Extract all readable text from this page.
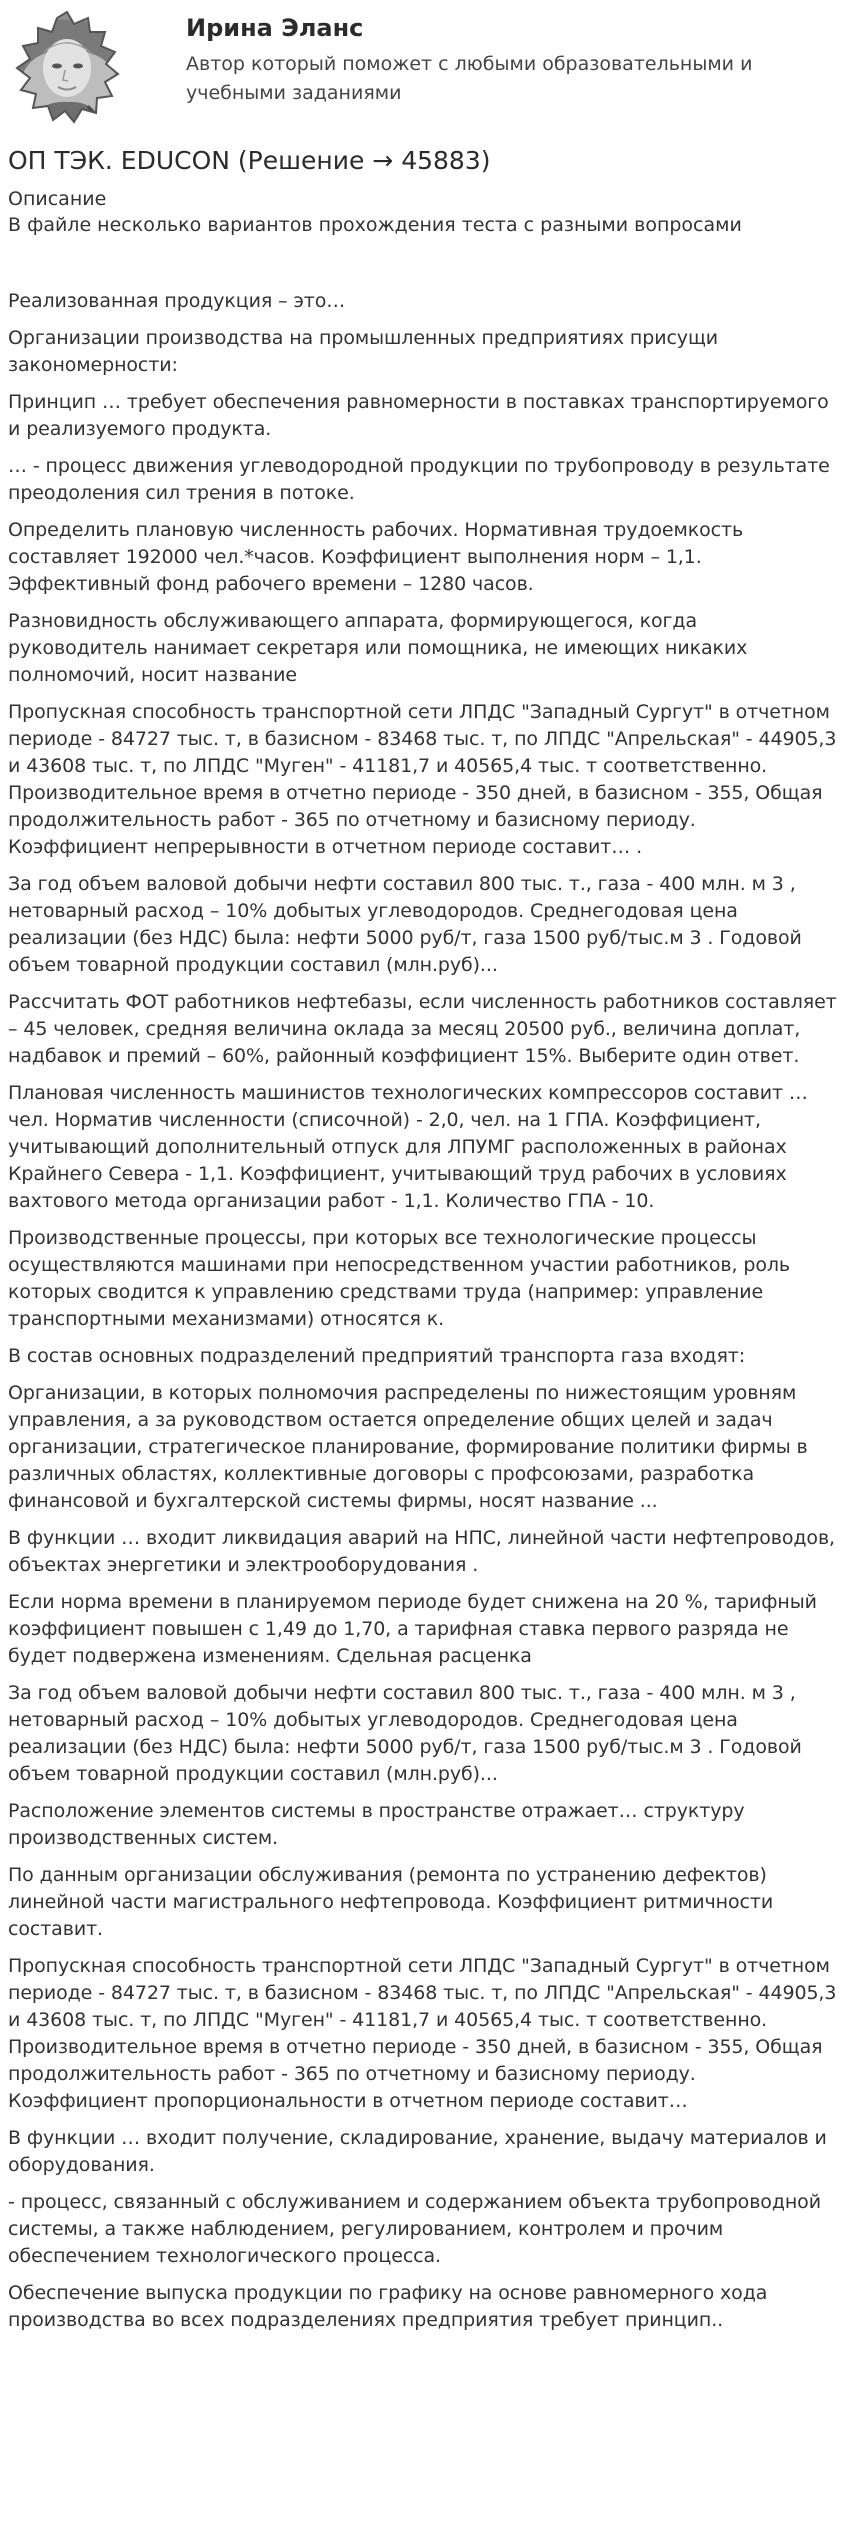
Ирина Эланс
Автор который поможет с любыми образовательными и учебными заданиями
ОП ТЭК. EDUCON (Решение → 45883)
Описание
В файле несколько вариантов прохождения теста с разными вопросами

Реализованная продукция – это…

Организации производства на промышленных предприятиях присущи закономерности:

Принцип … требует обеспечения равномерности в поставках транспортируемого и реализуемого продукта.

… - процесс движения углеводородной продукции по трубопроводу в результате преодоления сил трения в потоке.

Определить плановую численность рабочих. Нормативная трудоемкость составляет 192000 чел.*часов. Коэффициент выполнения норм – 1,1. Эффективный фонд рабочего времени – 1280 часов.

Разновидность обслуживающего аппарата, формирующегося, когда руководитель нанимает секретаря или помощника, не имеющих никаких полномочий, носит название

Пропускная способность транспортной сети ЛПДС "Западный Сургут" в отчетном периоде - 84727 тыс. т, в базисном - 83468 тыс. т, по ЛПДС "Апрельская" - 44905,3 и 43608 тыс. т, по ЛПДС "Муген" - 41181,7 и 40565,4 тыс. т соответственно. Производительное время в отчетно периоде - 350 дней, в базисном - 355, Общая продолжительность работ - 365 по отчетному и базисному периоду. Коэффициент непрерывности в отчетном периоде составит… .

За год объем валовой добычи нефти составил 800 тыс. т., газа - 400 млн. м 3 , нетоварный расход – 10% добытых углеводородов. Среднегодовая цена реализации (без НДС) была: нефти 5000 руб/т, газа 1500 руб/тыс.м 3 . Годовой объем товарной продукции составил (млн.руб)...

Рассчитать ФОТ работников нефтебазы, если численность работников составляет – 45 человек, средняя величина оклада за месяц 20500 руб., величина доплат, надбавок и премий – 60%, районный коэффициент 15%. Выберите один ответ.

Плановая численность машинистов технологических компрессоров составит … чел. Норматив численности (списочной) - 2,0, чел. на 1 ГПА. Коэффициент, учитывающий дополнительный отпуск для ЛПУМГ расположенных в районах Крайнего Севера - 1,1. Коэффициент, учитывающий труд рабочих в условиях вахтового метода организации работ - 1,1. Количество ГПА - 10.

Производственные процессы, при которых все технологические процессы осуществляются машинами при непосредственном участии работников, роль которых сводится к управлению средствами труда (например: управление транспортными механизмами) относятся к.

В состав основных подразделений предприятий транспорта газа входят:

Организации, в которых полномочия распределены по нижестоящим уровням управления, а за руководством остается определение общих целей и задач организации, стратегическое планирование, формирование политики фирмы в различных областях, коллективные договоры с профсоюзами, разработка финансовой и бухгалтерской системы фирмы, носят название ...

В функции … входит ликвидация аварий на НПС, линейной части нефтепроводов, объектах энергетики и электрооборудования .

Если норма времени в планируемом периоде будет снижена на 20 %, тарифный коэффициент повышен с 1,49 до 1,70, а тарифная ставка первого разряда не будет подвержена изменениям. Сдельная расценка

За год объем валовой добычи нефти составил 800 тыс. т., газа - 400 млн. м 3 , нетоварный расход – 10% добытых углеводородов. Среднегодовая цена реализации (без НДС) была: нефти 5000 руб/т, газа 1500 руб/тыс.м 3 . Годовой объем товарной продукции составил (млн.руб)...

Расположение элементов системы в пространстве отражает… структуру производственных систем.

По данным организации обслуживания (ремонта по устранению дефектов) линейной части магистрального нефтепровода. Коэффициент ритмичности составит.

Пропускная способность транспортной сети ЛПДС "Западный Сургут" в отчетном периоде - 84727 тыс. т, в базисном - 83468 тыс. т, по ЛПДС "Апрельская" - 44905,3 и 43608 тыс. т, по ЛПДС "Муген" - 41181,7 и 40565,4 тыс. т соответственно. Производительное время в отчетно периоде - 350 дней, в базисном - 355, Общая продолжительность работ - 365 по отчетному и базисному периоду. Коэффициент пропорциональности в отчетном периоде составит…

В функции … входит получение, складирование, хранение, выдачу материалов и оборудования.

- процесс, связанный с обслуживанием и содержанием объекта трубопроводной системы, а также наблюдением, регулированием, контролем и прочим обеспечением технологического процесса.

Обеспечение выпуска продукции по графику на основе равномерного хода производства во всех подразделениях предприятия требует принцип..
